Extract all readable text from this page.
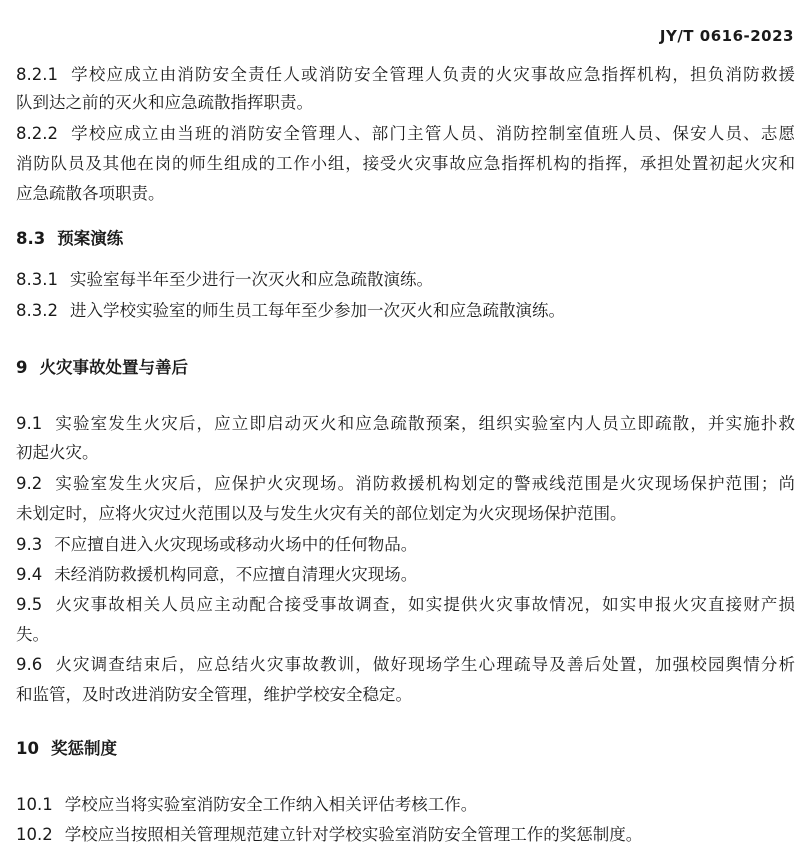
JY/T 0616-2023
8.2.1 学校应成立由消防安全责任人或消防安全管理人负责的火灾事故应急指挥机构，担负消防救援
队到达之前的灭火和应急疏散指挥职责。
8.2.2 学校应成立由当班的消防安全管理人、部门主管人员、消防控制室值班人员、保安人员、志愿
消防队员及其他在岗的师生组成的工作小组，接受火灾事故应急指挥机构的指挥，承担处置初起火灾和
应急疏散各项职责。
8.3 预案演练
8.3.1 实验室每半年至少进行一次灭火和应急疏散演练。
8.3.2 进入学校实验室的师生员工每年至少参加一次灭火和应急疏散演练。
9 火灾事故处置与善后
9.1 实验室发生火灾后，应立即启动灭火和应急疏散预案，组织实验室内人员立即疏散，并实施扑救
初起火灾。
9.2 实验室发生火灾后，应保护火灾现场。消防救援机构划定的警戒线范围是火灾现场保护范围；尚
未划定时，应将火灾过火范围以及与发生火灾有关的部位划定为火灾现场保护范围。
9.3 不应擅自进入火灾现场或移动火场中的任何物品。
9.4 未经消防救援机构同意，不应擅自清理火灾现场。
9.5 火灾事故相关人员应主动配合接受事故调查，如实提供火灾事故情况，如实申报火灾直接财产损
失。
9.6 火灾调查结束后，应总结火灾事故教训，做好现场学生心理疏导及善后处置，加强校园舆情分析
和监管，及时改进消防安全管理，维护学校安全稳定。
10 奖惩制度
10.1 学校应当将实验室消防安全工作纳入相关评估考核工作。
10.2 学校应当按照相关管理规范建立针对学校实验室消防安全管理工作的奖惩制度。
